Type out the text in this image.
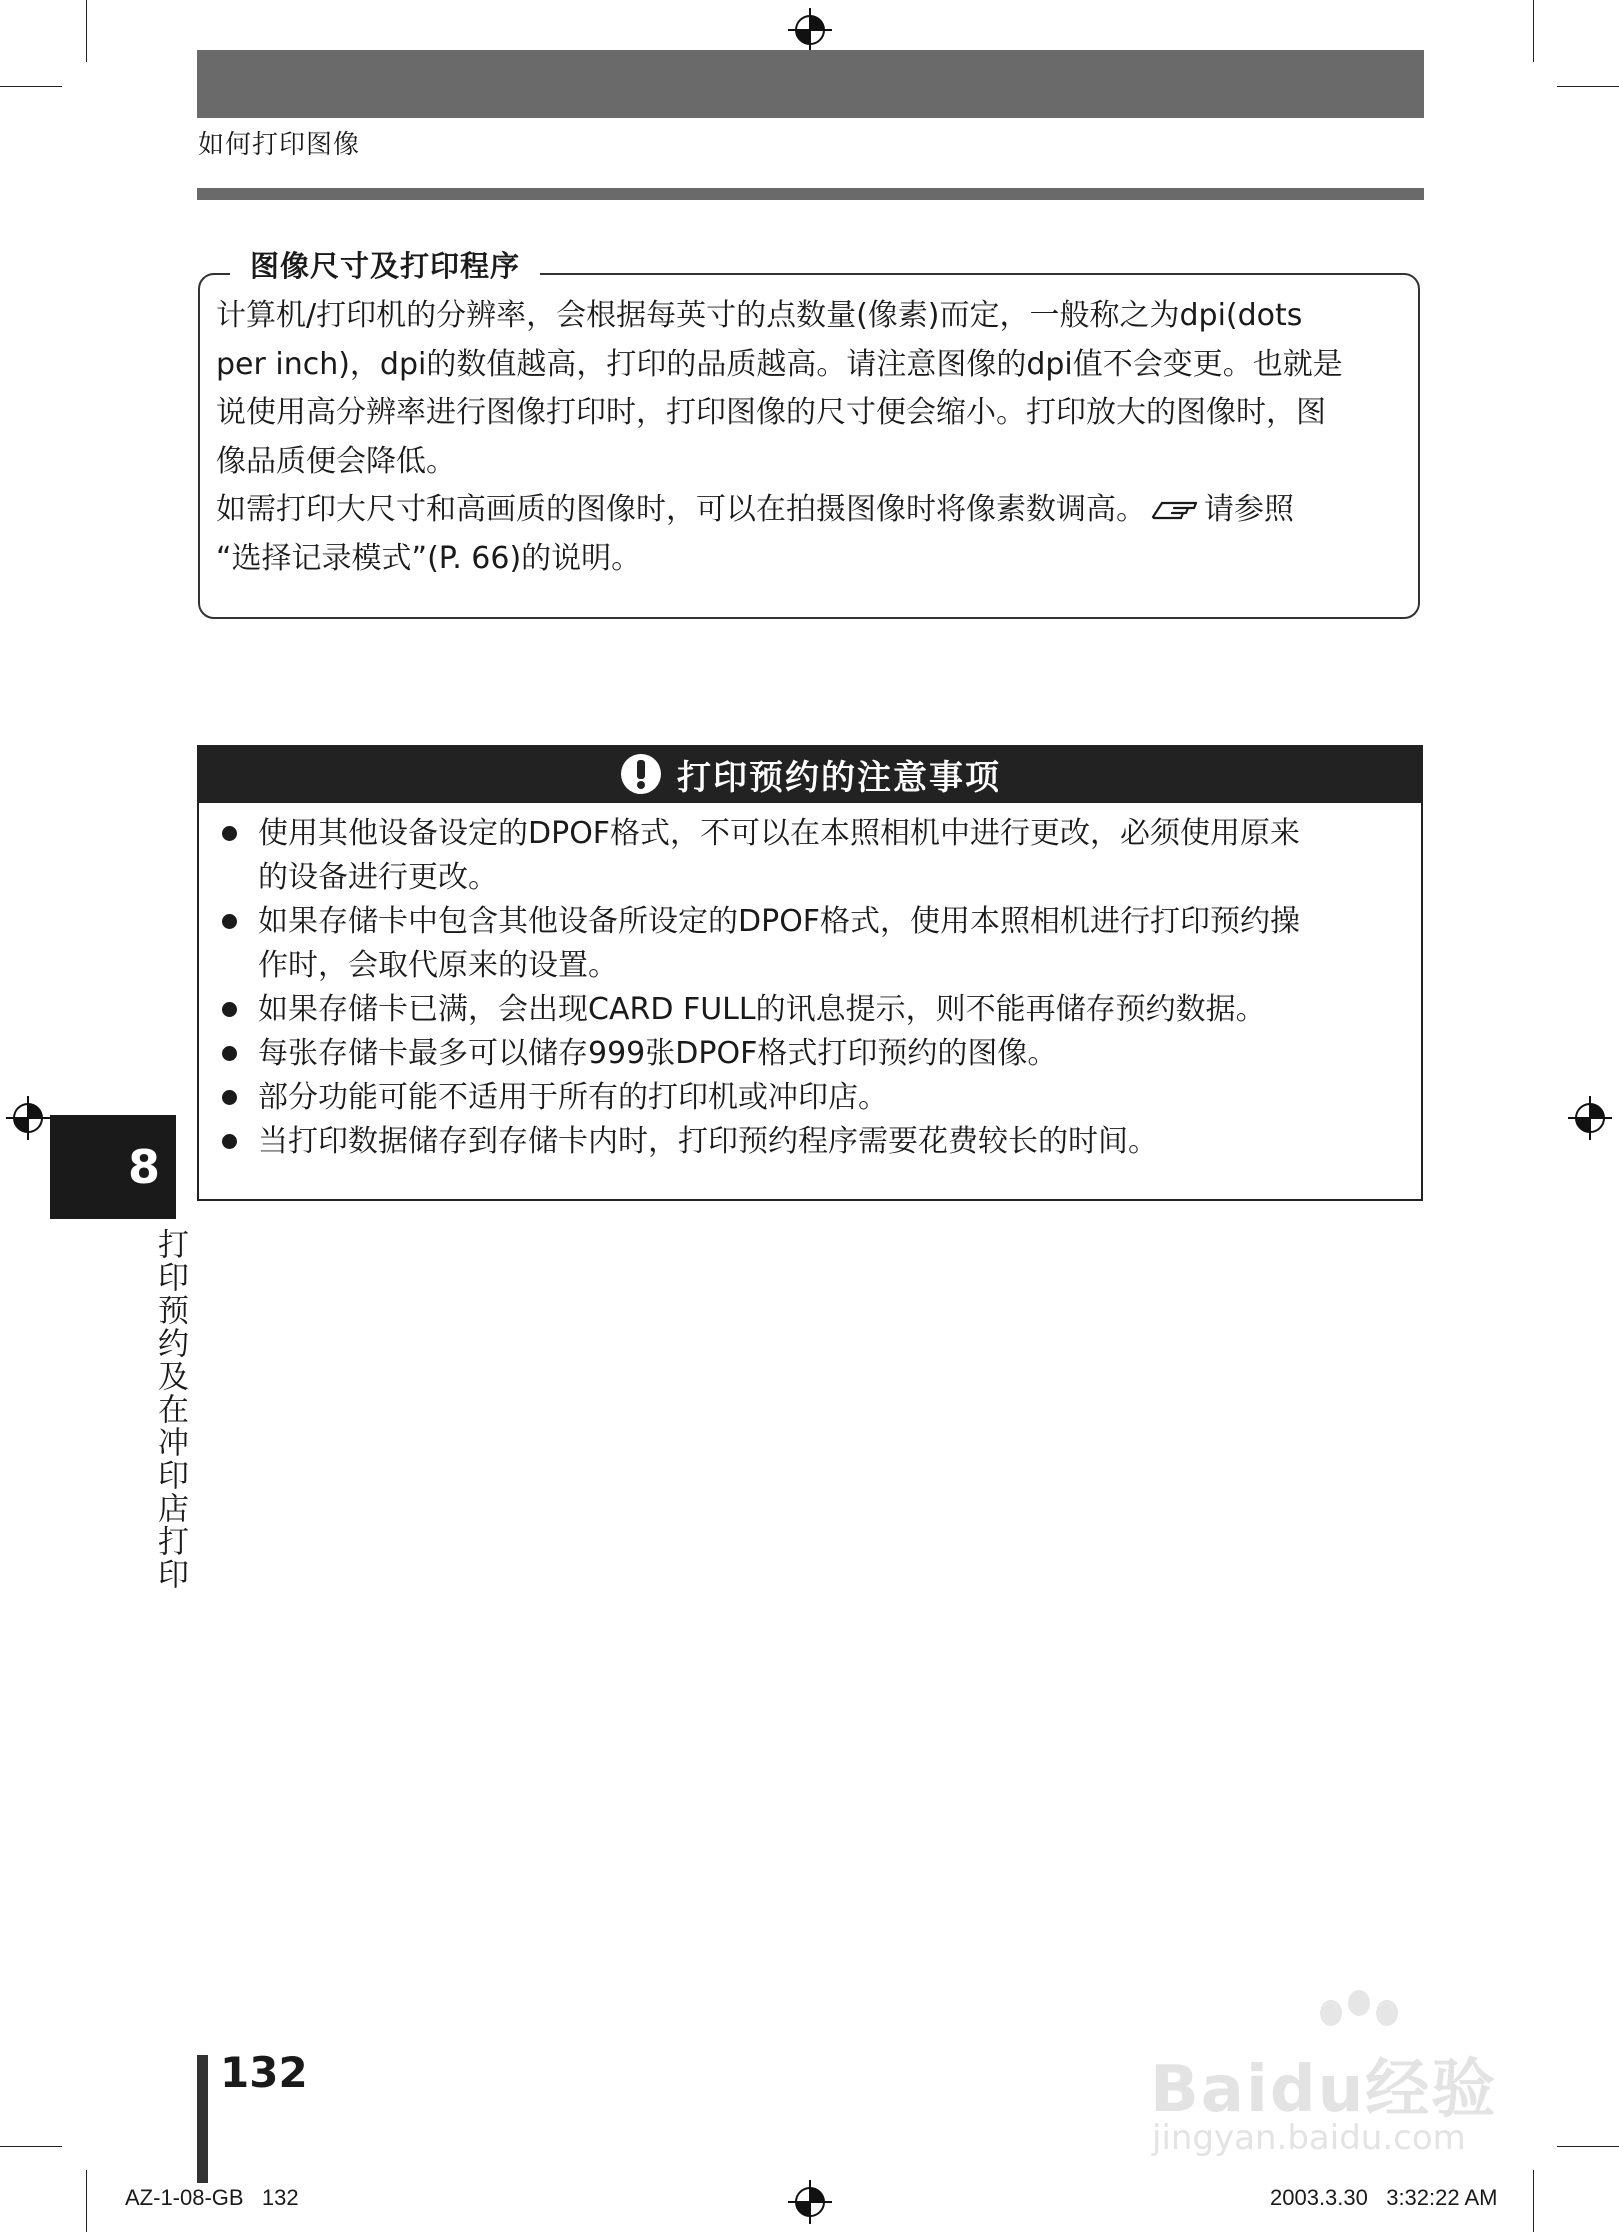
如何打印图像
图像尺寸及打印程序

计算机/打印机的分辨率，会根据每英寸的点数量(像素)而定，一般称之为dpi(dots

per inch)，dpi的数值越高，打印的品质越高。请注意图像的dpi值不会变更。也就是

说使用高分辨率进行图像打印时，打印图像的尺寸便会缩小。打印放大的图像时，图

像品质便会降低。

如需打印大尺寸和高画质的图像时，可以在拍摄图像时将像素数调高。 请参照

“选择记录模式”(P. 66)的说明。

打印预约的注意事项
使用其他设备设定的DPOF格式，不可以在本照相机中进行更改，必须使用原来
的设备进行更改。
如果存储卡中包含其他设备所设定的DPOF格式，使用本照相机进行打印预约操
作时，会取代原来的设置。
如果存储卡已满，会出现CARD FULL的讯息提示，则不能再储存预约数据。
每张存储卡最多可以储存999张DPOF格式打印预约的图像。
部分功能可能不适用于所有的打印机或冲印店。
当打印数据储存到存储卡内时，打印预约程序需要花费较长的时间。
8
打印预约及在冲印店打印
132	Baidu经验
jingyan.baidu.com
AZ-1-08-GB   132	2003.3.30   3:32:22 AM
